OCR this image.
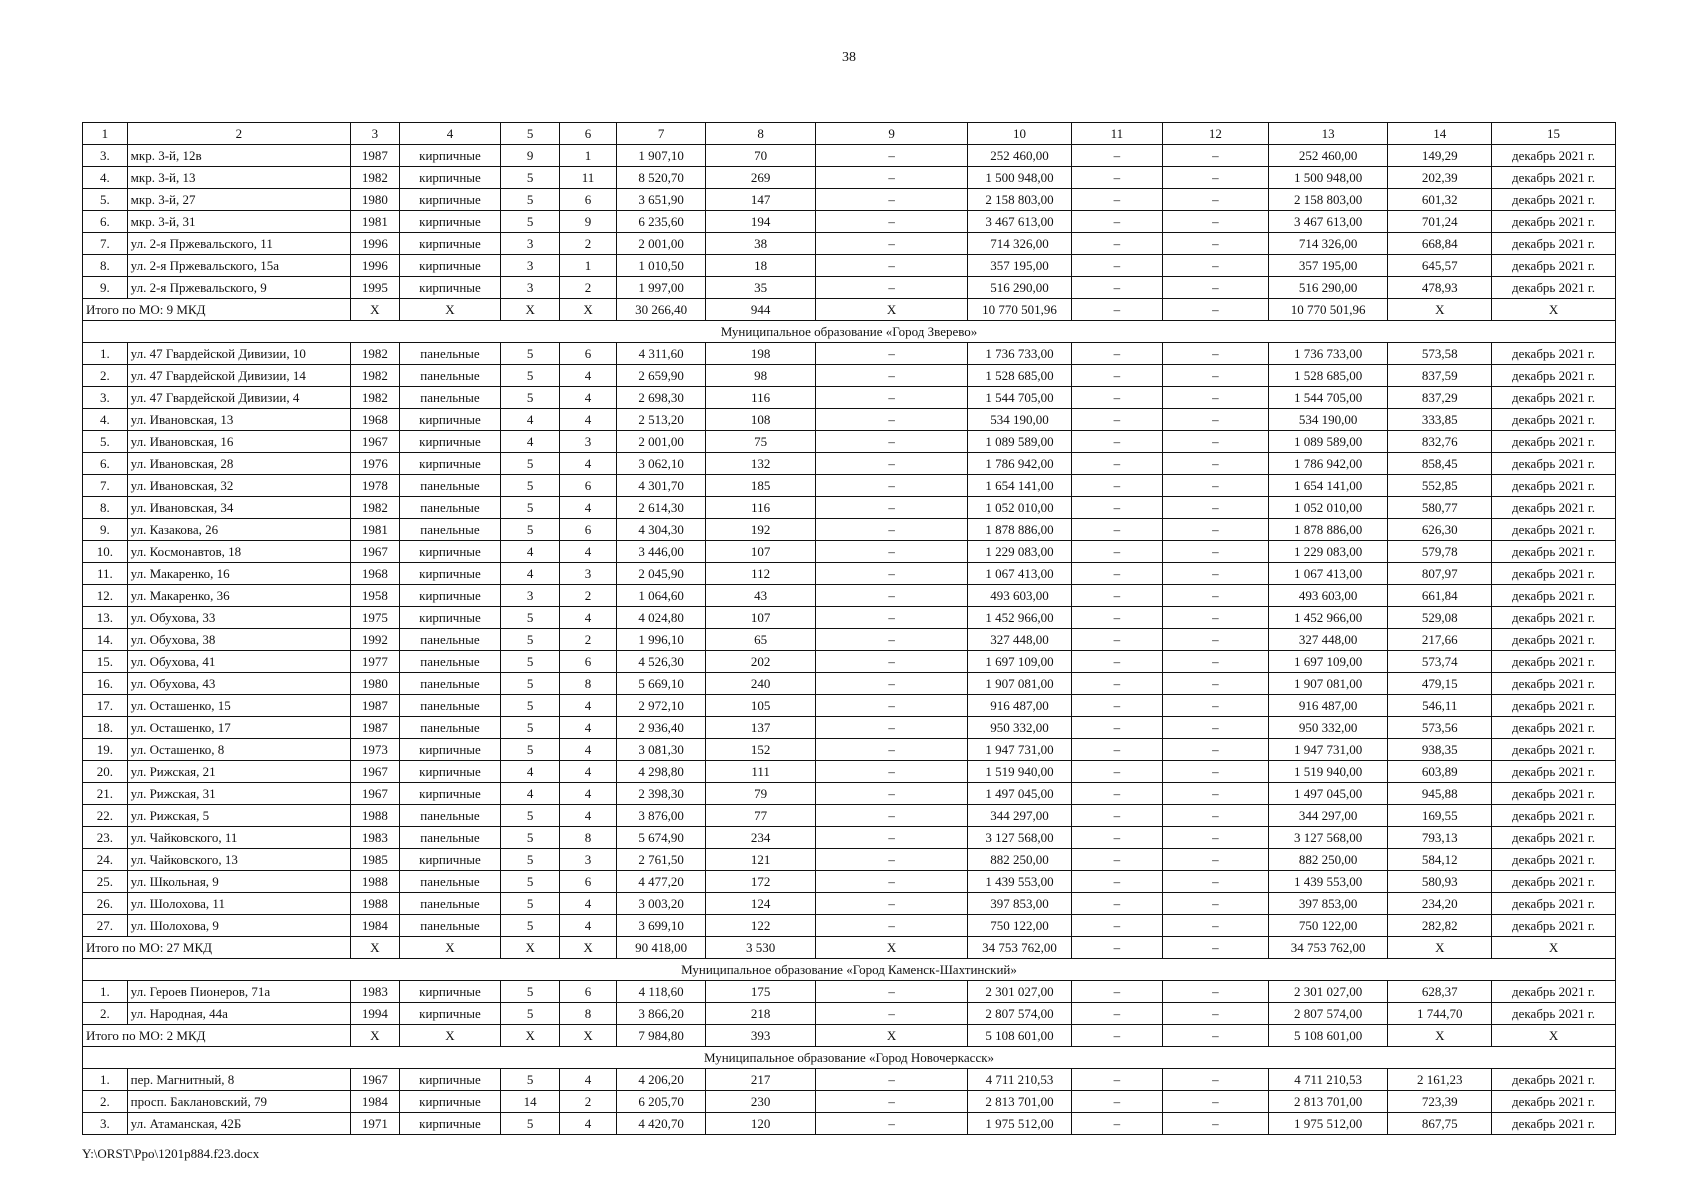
38
1	2	3	4	5	6	7	8	9	10	11	12	13	14	15
3.	мкр. 3-й, 12в	1987	кирпичные	9	1	1 907,10	70	–	252 460,00	–	–	252 460,00	149,29	декабрь 2021 г.
4.	мкр. 3-й, 13	1982	кирпичные	5	11	8 520,70	269	–	1 500 948,00	–	–	1 500 948,00	202,39	декабрь 2021 г.
5.	мкр. 3-й, 27	1980	кирпичные	5	6	3 651,90	147	–	2 158 803,00	–	–	2 158 803,00	601,32	декабрь 2021 г.
6.	мкр. 3-й, 31	1981	кирпичные	5	9	6 235,60	194	–	3 467 613,00	–	–	3 467 613,00	701,24	декабрь 2021 г.
7.	ул. 2-я Пржевальского, 11	1996	кирпичные	3	2	2 001,00	38	–	714 326,00	–	–	714 326,00	668,84	декабрь 2021 г.
8.	ул. 2-я Пржевальского, 15а	1996	кирпичные	3	1	1 010,50	18	–	357 195,00	–	–	357 195,00	645,57	декабрь 2021 г.
9.	ул. 2-я Пржевальского, 9	1995	кирпичные	3	2	1 997,00	35	–	516 290,00	–	–	516 290,00	478,93	декабрь 2021 г.
Итого по МО: 9 МКД		X	X	X	X	30 266,40	944	X	10 770 501,96	–	–	10 770 501,96	X	X
Муниципальное образование «Город Зверево»														
1.	ул. 47 Гвардейской Дивизии, 10	1982	панельные	5	6	4 311,60	198	–	1 736 733,00	–	–	1 736 733,00	573,58	декабрь 2021 г.
2.	ул. 47 Гвардейской Дивизии, 14	1982	панельные	5	4	2 659,90	98	–	1 528 685,00	–	–	1 528 685,00	837,59	декабрь 2021 г.
3.	ул. 47 Гвардейской Дивизии, 4	1982	панельные	5	4	2 698,30	116	–	1 544 705,00	–	–	1 544 705,00	837,29	декабрь 2021 г.
4.	ул. Ивановская, 13	1968	кирпичные	4	4	2 513,20	108	–	534 190,00	–	–	534 190,00	333,85	декабрь 2021 г.
5.	ул. Ивановская, 16	1967	кирпичные	4	3	2 001,00	75	–	1 089 589,00	–	–	1 089 589,00	832,76	декабрь 2021 г.
6.	ул. Ивановская, 28	1976	кирпичные	5	4	3 062,10	132	–	1 786 942,00	–	–	1 786 942,00	858,45	декабрь 2021 г.
7.	ул. Ивановская, 32	1978	панельные	5	6	4 301,70	185	–	1 654 141,00	–	–	1 654 141,00	552,85	декабрь 2021 г.
8.	ул. Ивановская, 34	1982	панельные	5	4	2 614,30	116	–	1 052 010,00	–	–	1 052 010,00	580,77	декабрь 2021 г.
9.	ул. Казакова, 26	1981	панельные	5	6	4 304,30	192	–	1 878 886,00	–	–	1 878 886,00	626,30	декабрь 2021 г.
10.	ул. Космонавтов, 18	1967	кирпичные	4	4	3 446,00	107	–	1 229 083,00	–	–	1 229 083,00	579,78	декабрь 2021 г.
11.	ул. Макаренко, 16	1968	кирпичные	4	3	2 045,90	112	–	1 067 413,00	–	–	1 067 413,00	807,97	декабрь 2021 г.
12.	ул. Макаренко, 36	1958	кирпичные	3	2	1 064,60	43	–	493 603,00	–	–	493 603,00	661,84	декабрь 2021 г.
13.	ул. Обухова, 33	1975	кирпичные	5	4	4 024,80	107	–	1 452 966,00	–	–	1 452 966,00	529,08	декабрь 2021 г.
14.	ул. Обухова, 38	1992	панельные	5	2	1 996,10	65	–	327 448,00	–	–	327 448,00	217,66	декабрь 2021 г.
15.	ул. Обухова, 41	1977	панельные	5	6	4 526,30	202	–	1 697 109,00	–	–	1 697 109,00	573,74	декабрь 2021 г.
16.	ул. Обухова, 43	1980	панельные	5	8	5 669,10	240	–	1 907 081,00	–	–	1 907 081,00	479,15	декабрь 2021 г.
17.	ул. Осташенко, 15	1987	панельные	5	4	2 972,10	105	–	916 487,00	–	–	916 487,00	546,11	декабрь 2021 г.
18.	ул. Осташенко, 17	1987	панельные	5	4	2 936,40	137	–	950 332,00	–	–	950 332,00	573,56	декабрь 2021 г.
19.	ул. Осташенко, 8	1973	кирпичные	5	4	3 081,30	152	–	1 947 731,00	–	–	1 947 731,00	938,35	декабрь 2021 г.
20.	ул. Рижская, 21	1967	кирпичные	4	4	4 298,80	111	–	1 519 940,00	–	–	1 519 940,00	603,89	декабрь 2021 г.
21.	ул. Рижская, 31	1967	кирпичные	4	4	2 398,30	79	–	1 497 045,00	–	–	1 497 045,00	945,88	декабрь 2021 г.
22.	ул. Рижская, 5	1988	панельные	5	4	3 876,00	77	–	344 297,00	–	–	344 297,00	169,55	декабрь 2021 г.
23.	ул. Чайковского, 11	1983	панельные	5	8	5 674,90	234	–	3 127 568,00	–	–	3 127 568,00	793,13	декабрь 2021 г.
24.	ул. Чайковского, 13	1985	кирпичные	5	3	2 761,50	121	–	882 250,00	–	–	882 250,00	584,12	декабрь 2021 г.
25.	ул. Школьная, 9	1988	панельные	5	6	4 477,20	172	–	1 439 553,00	–	–	1 439 553,00	580,93	декабрь 2021 г.
26.	ул. Шолохова, 11	1988	панельные	5	4	3 003,20	124	–	397 853,00	–	–	397 853,00	234,20	декабрь 2021 г.
27.	ул. Шолохова, 9	1984	панельные	5	4	3 699,10	122	–	750 122,00	–	–	750 122,00	282,82	декабрь 2021 г.
Итого по МО: 27 МКД		X	X	X	X	90 418,00	3 530	X	34 753 762,00	–	–	34 753 762,00	X	X
Муниципальное образование «Город Каменск-Шахтинский»														
1.	ул. Героев Пионеров, 71а	1983	кирпичные	5	6	4 118,60	175	–	2 301 027,00	–	–	2 301 027,00	628,37	декабрь 2021 г.
2.	ул. Народная, 44а	1994	кирпичные	5	8	3 866,20	218	–	2 807 574,00	–	–	2 807 574,00	1 744,70	декабрь 2021 г.
Итого по МО: 2 МКД		X	X	X	X	7 984,80	393	X	5 108 601,00	–	–	5 108 601,00	X	X
Муниципальное образование «Город Новочеркасск»														
1.	пер. Магнитный, 8	1967	кирпичные	5	4	4 206,20	217	–	4 711 210,53	–	–	4 711 210,53	2 161,23	декабрь 2021 г.
2.	просп. Баклановский, 79	1984	кирпичные	14	2	6 205,70	230	–	2 813 701,00	–	–	2 813 701,00	723,39	декабрь 2021 г.
3.	ул. Атаманская, 42Б	1971	кирпичные	5	4	4 420,70	120	–	1 975 512,00	–	–	1 975 512,00	867,75	декабрь 2021 г.
Y:\ORST\Ppo\1201p884.f23.docx
